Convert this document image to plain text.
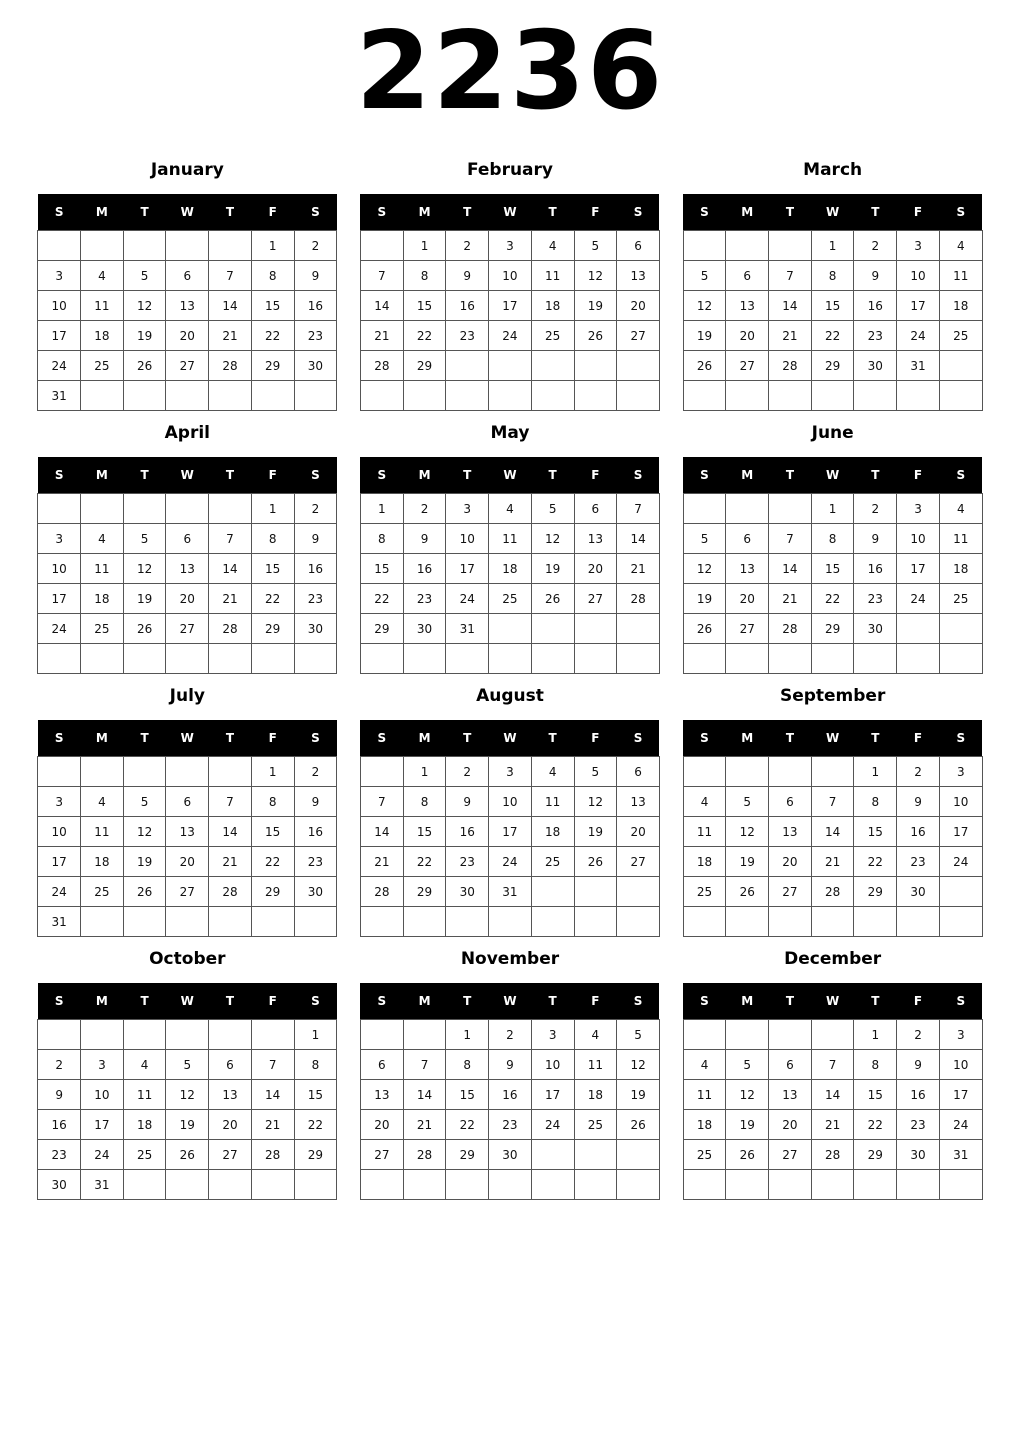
2236
January
S	M	T	W	T	F	S
					1	2
3	4	5	6	7	8	9
10	11	12	13	14	15	16
17	18	19	20	21	22	23
24	25	26	27	28	29	30
31						
February
S	M	T	W	T	F	S
	1	2	3	4	5	6
7	8	9	10	11	12	13
14	15	16	17	18	19	20
21	22	23	24	25	26	27
28	29					

March
S	M	T	W	T	F	S
			1	2	3	4
5	6	7	8	9	10	11
12	13	14	15	16	17	18
19	20	21	22	23	24	25
26	27	28	29	30	31	

April
S	M	T	W	T	F	S
					1	2
3	4	5	6	7	8	9
10	11	12	13	14	15	16
17	18	19	20	21	22	23
24	25	26	27	28	29	30

May
S	M	T	W	T	F	S
1	2	3	4	5	6	7
8	9	10	11	12	13	14
15	16	17	18	19	20	21
22	23	24	25	26	27	28
29	30	31				

June
S	M	T	W	T	F	S
			1	2	3	4
5	6	7	8	9	10	11
12	13	14	15	16	17	18
19	20	21	22	23	24	25
26	27	28	29	30		

July
S	M	T	W	T	F	S
					1	2
3	4	5	6	7	8	9
10	11	12	13	14	15	16
17	18	19	20	21	22	23
24	25	26	27	28	29	30
31						
August
S	M	T	W	T	F	S
	1	2	3	4	5	6
7	8	9	10	11	12	13
14	15	16	17	18	19	20
21	22	23	24	25	26	27
28	29	30	31			

September
S	M	T	W	T	F	S
				1	2	3
4	5	6	7	8	9	10
11	12	13	14	15	16	17
18	19	20	21	22	23	24
25	26	27	28	29	30	

October
S	M	T	W	T	F	S
						1
2	3	4	5	6	7	8
9	10	11	12	13	14	15
16	17	18	19	20	21	22
23	24	25	26	27	28	29
30	31					
November
S	M	T	W	T	F	S
		1	2	3	4	5
6	7	8	9	10	11	12
13	14	15	16	17	18	19
20	21	22	23	24	25	26
27	28	29	30			

December
S	M	T	W	T	F	S
				1	2	3
4	5	6	7	8	9	10
11	12	13	14	15	16	17
18	19	20	21	22	23	24
25	26	27	28	29	30	31
